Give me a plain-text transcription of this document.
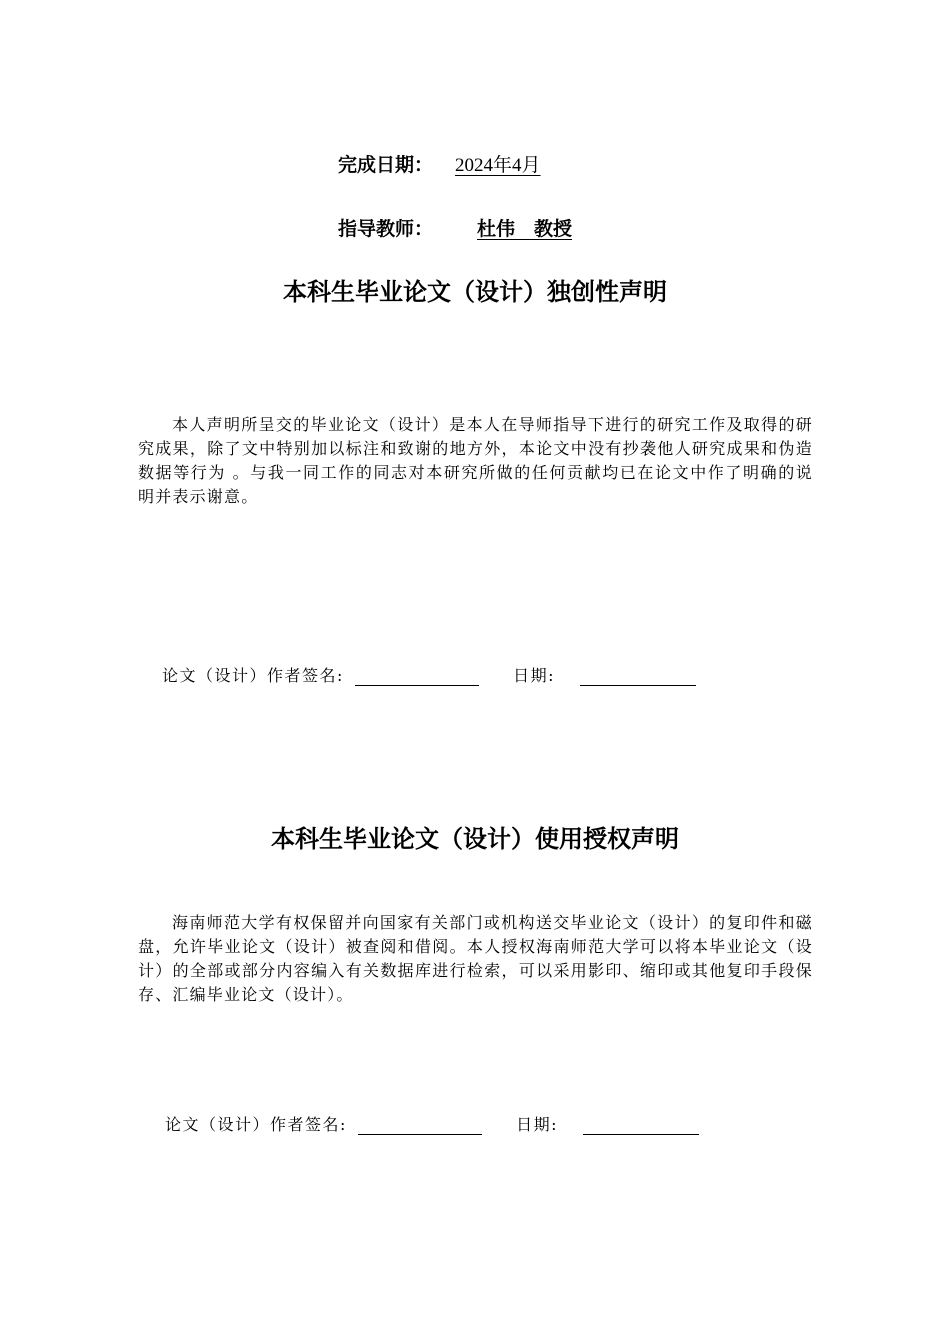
完成日期： 2024年4月
指导教师： 杜伟　教授
本科生毕业论文（设计）独创性声明
本人声明所呈交的毕业论文（设计）是本人在导师指导下进行的研究工作及取得的研究成果，除了文中特别加以标注和致谢的地方外，本论文中没有抄袭他人研究成果和伪造数据等行为 。与我一同工作的同志对本研究所做的任何贡献均已在论文中作了明确的说明并表示谢意。
论文（设计）作者签名:	日期:
本科生毕业论文（设计）使用授权声明
海南师范大学有权保留并向国家有关部门或机构送交毕业论文（设计）的复印件和磁盘，允许毕业论文（设计）被查阅和借阅。本人授权海南师范大学可以将本毕业论文（设计）的全部或部分内容编入有关数据库进行检索，可以采用影印、缩印或其他复印手段保存、汇编毕业论文（设计）。
论文（设计）作者签名:	日期:
